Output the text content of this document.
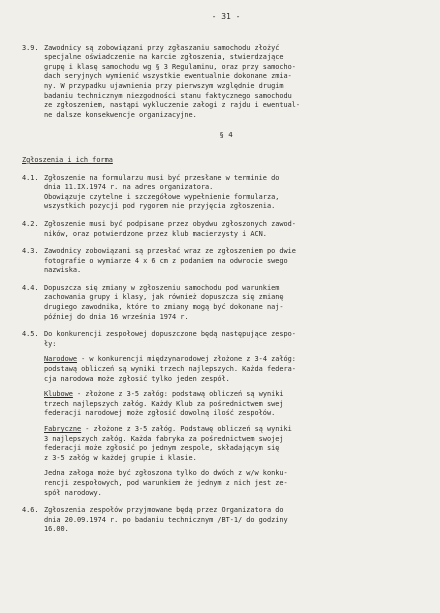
- 31 -
3.9. Zawodnicy są zobowiązani przy zgłaszaniu samochodu złożyć
specjalne oświadczenie na karcie zgłoszenia, stwierdzające
grupę i klasę samochodu wg § 3 Regulaminu, oraz przy samocho-
dach seryjnych wymienić wszystkie ewentualnie dokonane zmia-
ny. W przypadku ujawnienia przy pierwszym względnie drugim
badaniu technicznym niezgodności stanu faktycznego samochodu
ze zgłoszeniem, nastąpi wykluczenie załogi z rajdu i ewentual-
ne dalsze konsekwencje organizacyjne.
§ 4
Zgłoszenia i ich forma
4.1. Zgłoszenie na formularzu musi być przesłane w terminie do
dnia 11.IX.1974 r. na adres organizatora.
Obowiązuje czytelne i szczegółowe wypełnienie formularza,
wszystkich pozycji pod rygorem nie przyjęcia zgłoszenia.
4.2. Zgłoszenie musi być podpisane przez obydwu zgłoszonych zawod-
ników, oraz potwierdzone przez klub macierzysty i ACN.
4.3. Zawodnicy zobowiązani są przesłać wraz ze zgłoszeniem po dwie
fotografie o wymiarze 4 x 6 cm z podaniem na odwrocie swego
nazwiska.
4.4. Dopuszcza się zmiany w zgłoszeniu samochodu pod warunkiem
zachowania grupy i klasy, jak również dopuszcza się zmianę
drugiego zawodnika, które to zmiany mogą być dokonane naj-
później do dnia 16 września 1974 r.
4.5. Do konkurencji zespołowej dopuszczone będą następujące zespo-
ły:
Narodowe - w konkurencji międzynarodowej złożone z 3-4 załóg:
podstawą obliczeń są wyniki trzech najlepszych. Każda federa-
cja narodowa może zgłosić tylko jeden zespół.
Klubowe - złożone z 3-5 załóg: podstawą obliczeń są wyniki
trzech najlepszych załóg. Każdy Klub za pośrednictwem swej
federacji narodowej może zgłosić dowolną ilość zespołów.
Fabryczne - złożone z 3-5 załóg. Podstawę obliczeń są wyniki
3 najlepszych załóg. Każda fabryka za pośrednictwem swojej
federacji może zgłosić po jednym zespole, składającym się
z 3-5 załóg w każdej grupie i klasie.
Jedna załoga może być zgłoszona tylko do dwóch z w/w konku-
rencji zespołowych, pod warunkiem że jednym z nich jest ze-
spół narodowy.
4.6. Zgłoszenia zespołów przyjmowane będą przez Organizatora do
dnia 20.09.1974 r. po badaniu technicznym /BT-1/ do godziny
16.00.
